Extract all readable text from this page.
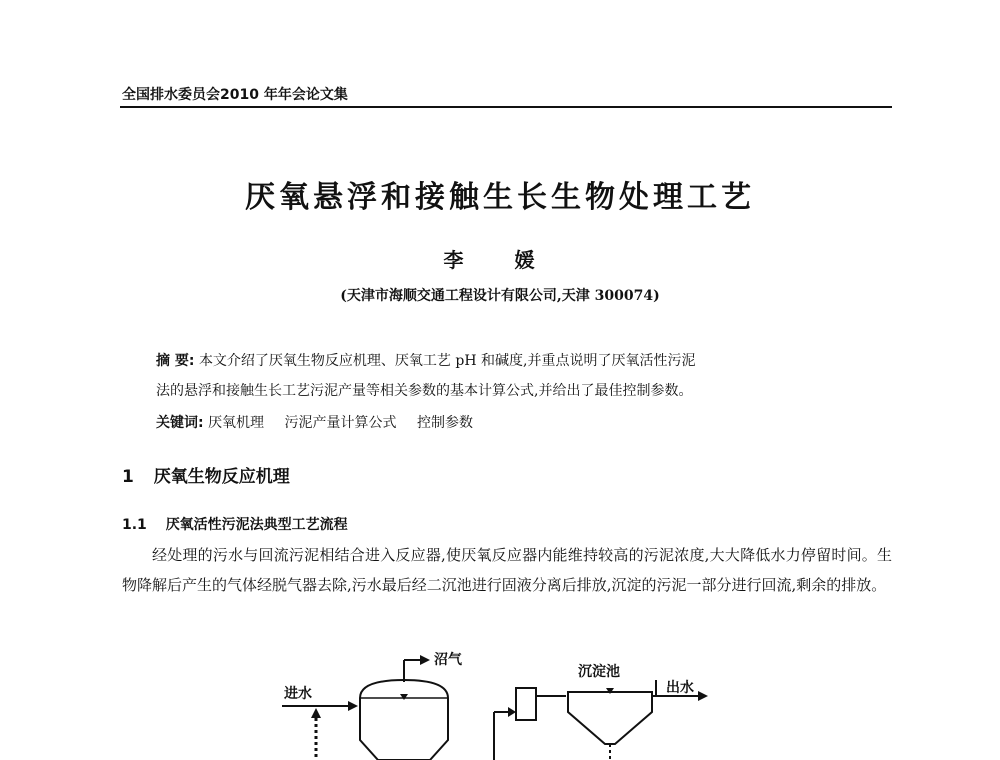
全国排水委员会2010 年年会论文集
厌氧悬浮和接触生长生物处理工艺
李 媛
(天津市海顺交通工程设计有限公司,天津 300074)
摘 要: 本文介绍了厌氧生物反应机理、厌氧工艺 pH 和碱度,并重点说明了厌氧活性污泥
法的悬浮和接触生长工艺污泥产量等相关参数的基本计算公式,并给出了最佳控制参数。
关键词: 厌氧机理 污泥产量计算公式 控制参数
1 厌氧生物反应机理
1.1 厌氧活性污泥法典型工艺流程
经处理的污水与回流污泥相结合进入反应器,使厌氧反应器内能维持较高的污泥浓度,大大降低水力停留时间。生物降解后产生的气体经脱气器去除,污水最后经二沉池进行固液分离后排放,沉淀的污泥一部分进行回流,剩余的排放。
沼气
进水
沉淀池
出水
